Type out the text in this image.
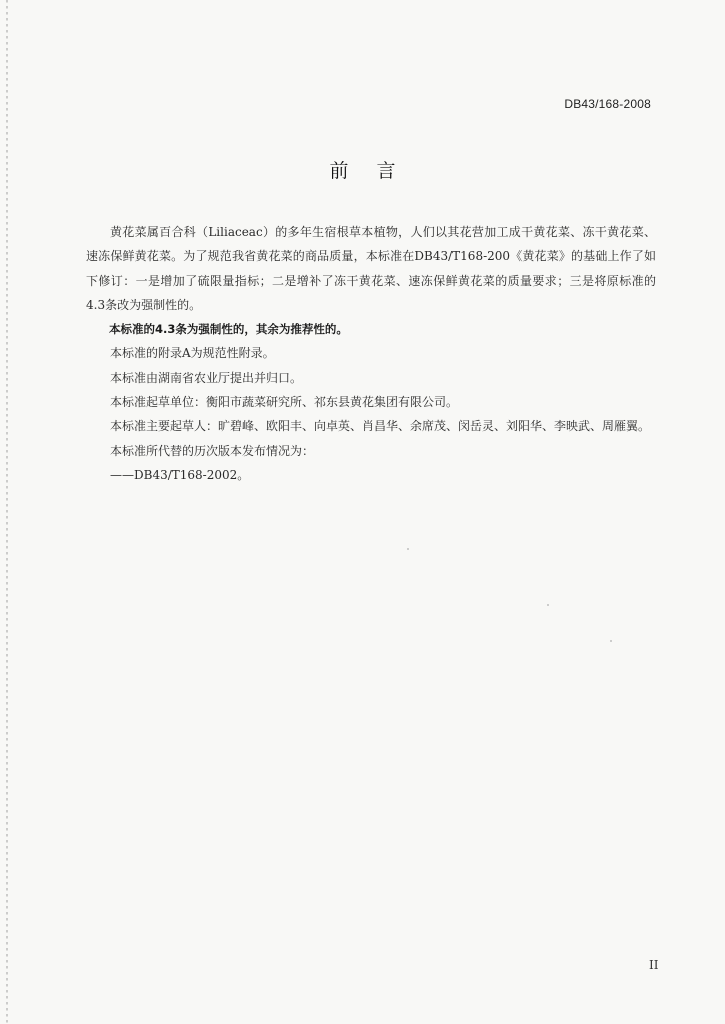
DB43/168-2008
前言

黄花菜属百合科（Liliaceac）的多年生宿根草本植物，人们以其花营加工成干黄花菜、冻干黄花菜、速冻保鲜黄花菜。为了规范我省黄花菜的商品质量，本标准在DB43/T168-200《黄花菜》的基础上作了如下修订：一是增加了硫限量指标；二是增补了冻干黄花菜、速冻保鲜黄花菜的质量要求；三是将原标准的4.3条改为强制性的。

本标准的4.3条为强制性的，其余为推荐性的。

本标准的附录A为规范性附录。

本标准由湖南省农业厅提出并归口。

本标准起草单位：衡阳市蔬菜研究所、祁东县黄花集团有限公司。

本标准主要起草人：旷碧峰、欧阳丰、向卓英、肖昌华、余席茂、闵岳灵、刘阳华、李映武、周雁翼。

本标准所代替的历次版本发布情况为：

——DB43/T168-2002。

II
